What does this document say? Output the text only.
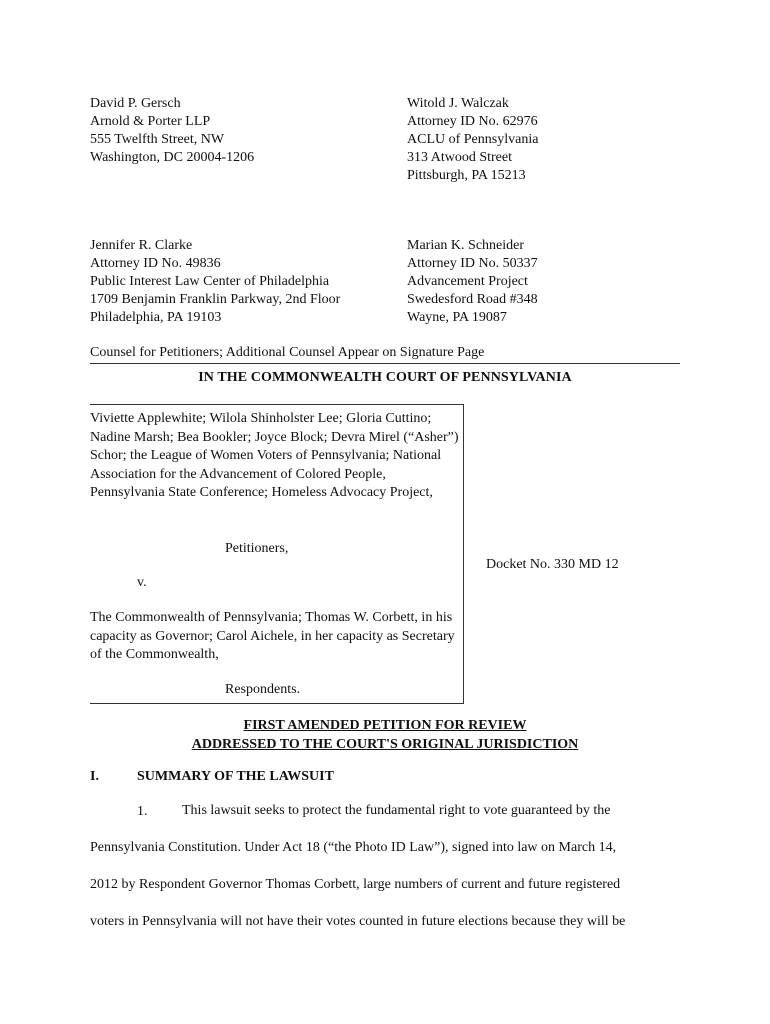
David P. Gersch
Arnold & Porter LLP
555 Twelfth Street, NW
Washington, DC 20004-1206
Witold J. Walczak
Attorney ID No. 62976
ACLU of Pennsylvania
313 Atwood Street
Pittsburgh, PA 15213
Jennifer R. Clarke
Attorney ID No. 49836
Public Interest Law Center of Philadelphia
1709 Benjamin Franklin Parkway, 2nd Floor
Philadelphia, PA 19103
Marian K. Schneider
Attorney ID No. 50337
Advancement Project
Swedesford Road #348
Wayne, PA 19087
Counsel for Petitioners; Additional Counsel Appear on Signature Page
IN THE COMMONWEALTH COURT OF PENNSYLVANIA
Viviette Applewhite; Wilola Shinholster Lee; Gloria Cuttino; Nadine Marsh; Bea Bookler; Joyce Block; Devra Mirel (“Asher”) Schor; the League of Women Voters of Pennsylvania; National Association for the Advancement of Colored People, Pennsylvania State Conference; Homeless Advocacy Project,
Petitioners,
v.
The Commonwealth of Pennsylvania; Thomas W. Corbett, in his capacity as Governor; Carol Aichele, in her capacity as Secretary of the Commonwealth,
Respondents.
Docket No. 330 MD 12
FIRST AMENDED PETITION FOR REVIEW
ADDRESSED TO THE COURT'S ORIGINAL JURISDICTION
I.	SUMMARY OF THE LAWSUIT
1. This lawsuit seeks to protect the fundamental right to vote guaranteed by the
Pennsylvania Constitution. Under Act 18 (“the Photo ID Law”), signed into law on March 14,
2012 by Respondent Governor Thomas Corbett, large numbers of current and future registered
voters in Pennsylvania will not have their votes counted in future elections because they will be
